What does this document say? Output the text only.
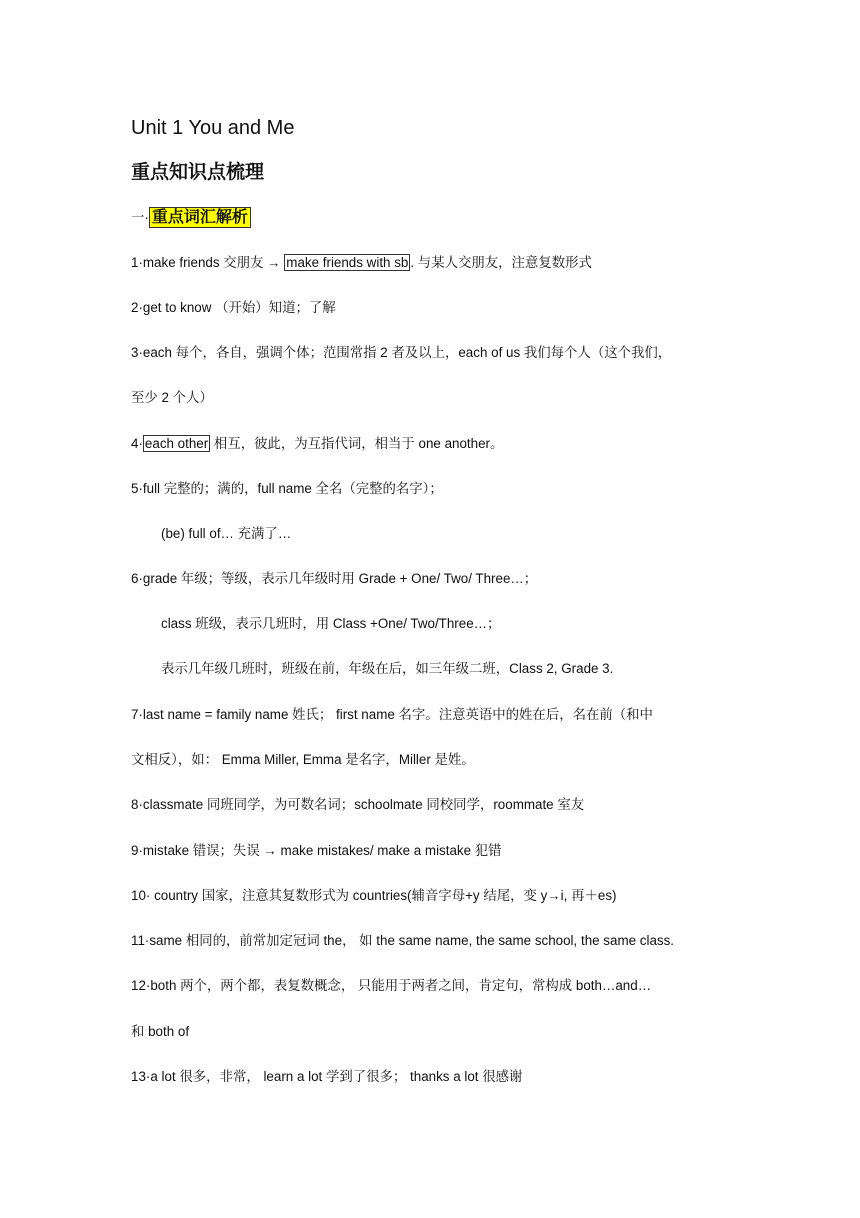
Unit 1 You and Me
重点知识点梳理
一· 重点词汇解析
1·make friends 交朋友 → make friends with sb . 与某人交朋友，注意复数形式
2·get to know （开始）知道；了解
3·each 每个，各自，强调个体；范围常指 2 者及以上，each of us 我们每个人（这个我们，
至少 2 个人）
4· each other 相互，彼此，为互指代词，相当于 one another。
5·full 完整的；满的，full name 全名（完整的名字）；
(be) full of… 充满了…
6·grade 年级；等级，表示几年级时用 Grade + One/ Two/ Three…；
class 班级，表示几班时，用 Class +One/ Two/Three…；
表示几年级几班时，班级在前，年级在后，如三年级二班，Class 2, Grade 3.
7·last name = family name 姓氏； first name 名字。注意英语中的姓在后，名在前（和中
文相反），如： Emma Miller, Emma 是名字，Miller 是姓。
8·classmate 同班同学，为可数名词；schoolmate 同校同学，roommate 室友
9·mistake 错误；失误 → make mistakes/ make a mistake 犯错
10· country 国家，注意其复数形式为 countries(辅音字母+y 结尾，变 y→i, 再＋es)
11·same 相同的，前常加定冠词 the， 如 the same name, the same school, the same class.
12·both 两个，两个都，表复数概念， 只能用于两者之间，肯定句，常构成 both…and…
和 both of
13·a lot 很多，非常， learn a lot 学到了很多； thanks a lot 很感谢
